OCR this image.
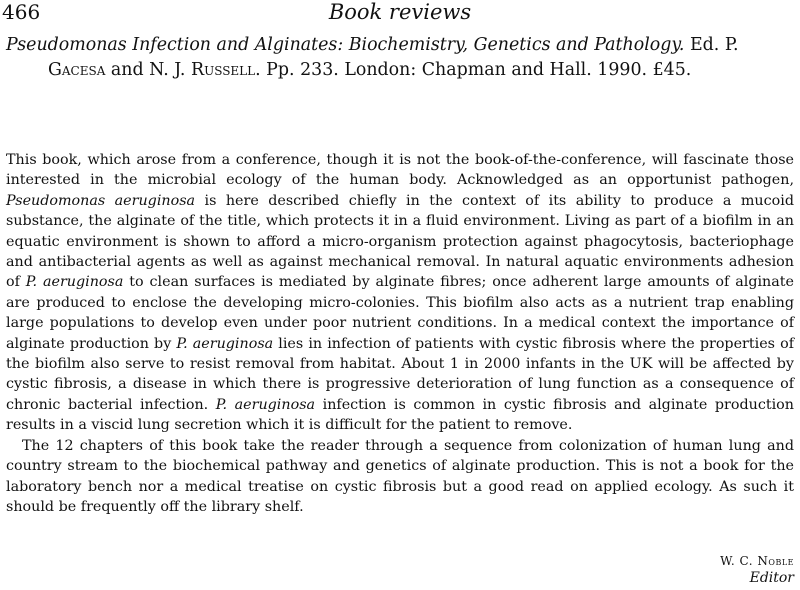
466	Book reviews
Pseudomonas Infection and Alginates: Biochemistry, Genetics and Pathology. Ed. P. Gacesa and N. J. Russell. Pp. 233. London: Chapman and Hall. 1990. £45.

This book, which arose from a conference, though it is not the book-of-the-conference, will fascinate those interested in the microbial ecology of the human body. Acknowledged as an opportunist pathogen, Pseudomonas aeruginosa is here described chiefly in the context of its ability to produce a mucoid substance, the alginate of the title, which protects it in a fluid environment. Living as part of a biofilm in an equatic environment is shown to afford a micro-organism protection against phagocytosis, bacteriophage and antibacterial agents as well as against mechanical removal. In natural aquatic environments adhesion of P. aeruginosa to clean surfaces is mediated by alginate fibres; once adherent large amounts of alginate are produced to enclose the developing micro-colonies. This biofilm also acts as a nutrient trap enabling large populations to develop even under poor nutrient conditions. In a medical context the importance of alginate production by P. aeruginosa lies in infection of patients with cystic fibrosis where the properties of the biofilm also serve to resist removal from habitat. About 1 in 2000 infants in the UK will be affected by cystic fibrosis, a disease in which there is progressive deterioration of lung function as a consequence of chronic bacterial infection. P. aeruginosa infection is common in cystic fibrosis and alginate production results in a viscid lung secretion which it is difficult for the patient to remove.

The 12 chapters of this book take the reader through a sequence from colonization of human lung and country stream to the biochemical pathway and genetics of alginate production. This is not a book for the laboratory bench nor a medical treatise on cystic fibrosis but a good read on applied ecology. As such it should be frequently off the library shelf.

W. C. Noble
Editor
